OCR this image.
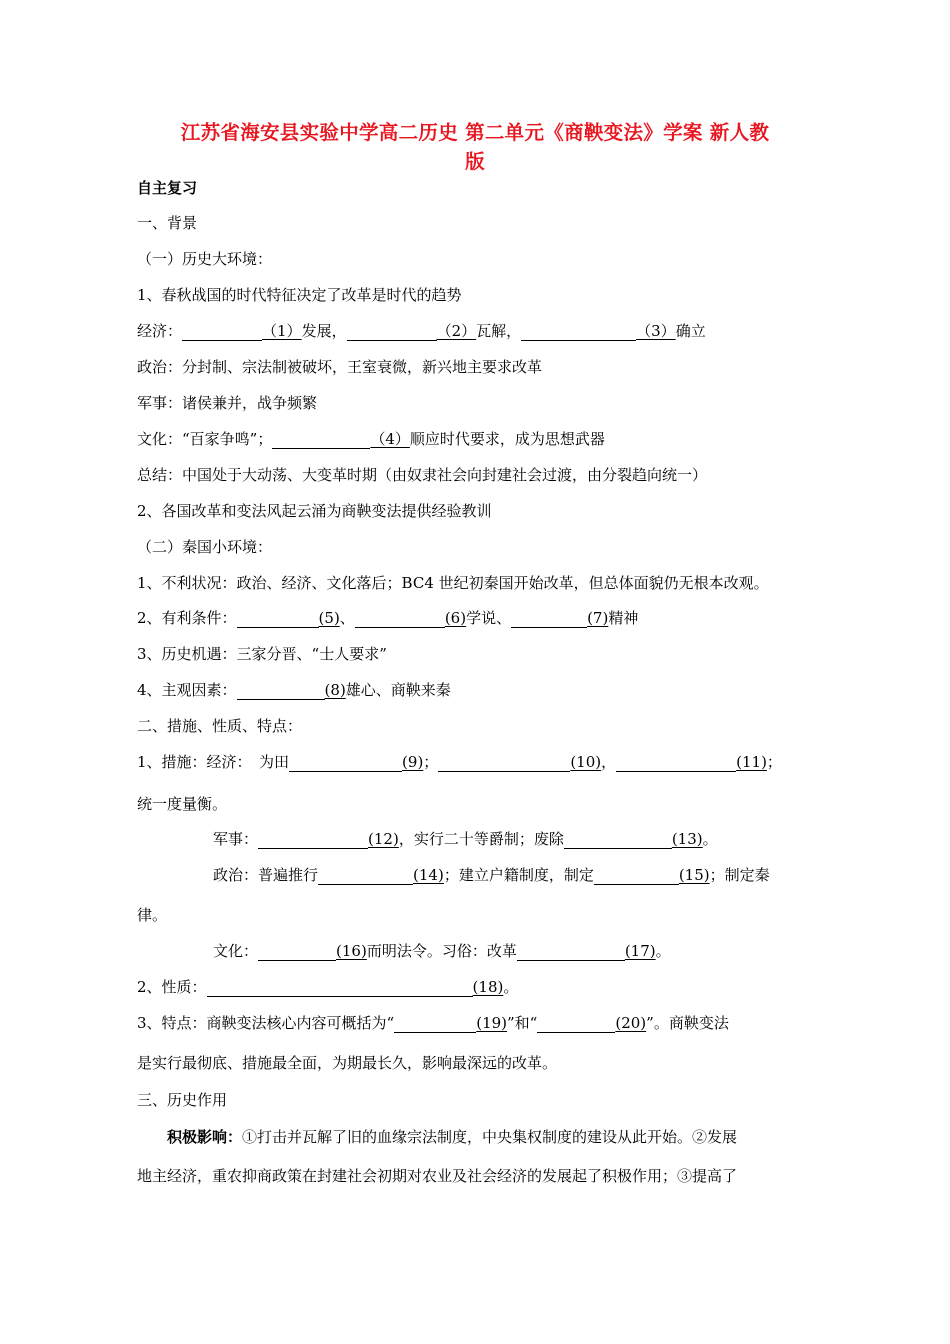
江苏省海安县实验中学高二历史 第二单元《商鞅变法》学案 新人教
版
自主复习
一、背景
（一）历史大环境：
1、春秋战国的时代特征决定了改革是时代的趋势
经济：	（1）发展，	（2）瓦解，	（3）确立
政治：分封制、宗法制被破坏，王室衰微，新兴地主要求改革
军事：诸侯兼并，战争频繁
文化：“百家争鸣”；	（4）顺应时代要求，成为思想武器
总结：中国处于大动荡、大变革时期（由奴隶社会向封建社会过渡，由分裂趋向统一）
2、各国改革和变法风起云涌为商鞅变法提供经验教训
（二）秦国小环境：
1、不利状况：政治、经济、文化落后；BC4 世纪初秦国开始改革，但总体面貌仍无根本改观。
2、有利条件：	(5)、	(6)学说、	(7)精神
3、历史机遇：三家分晋、“士人要求”
4、主观因素：	(8)雄心、商鞅来秦
二、措施、性质、特点：
1、措施：经济：　为田	(9)；	(10)，	(11)；
统一度量衡。
军事：	(12)，实行二十等爵制；废除	(13)。
政治：普遍推行	(14)；建立户籍制度，制定	(15)；制定秦
律。
文化：	(16)而明法令。习俗：改革	(17)。
2、性质：	(18)。
3、特点：商鞅变法核心内容可概括为“	(19)”和“	(20)”。商鞅变法
是实行最彻底、措施最全面，为期最长久，影响最深远的改革。
三、历史作用
积极影响：①打击并瓦解了旧的血缘宗法制度，中央集权制度的建设从此开始。②发展
地主经济，重农抑商政策在封建社会初期对农业及社会经济的发展起了积极作用；③提高了
